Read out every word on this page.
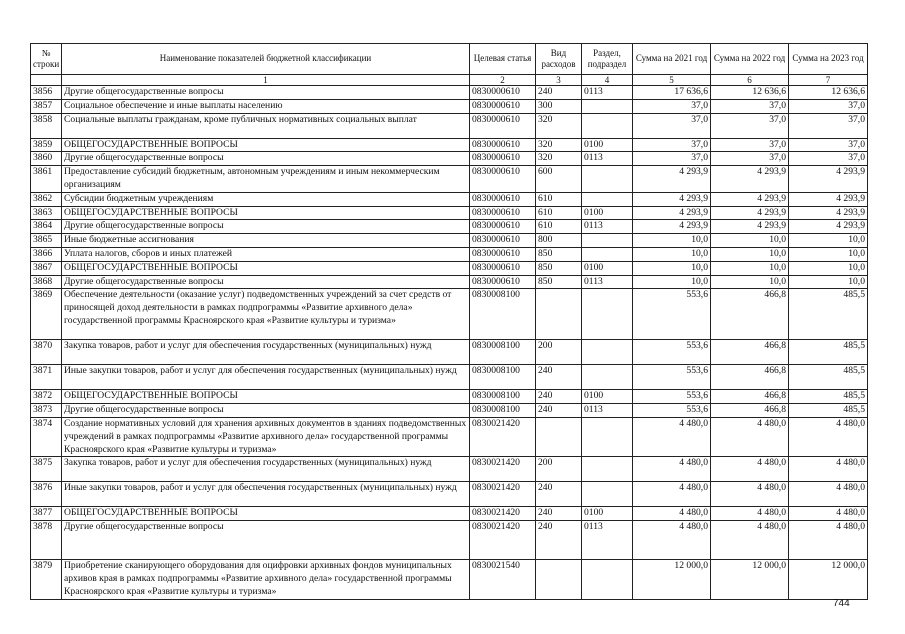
№ строки	Наименование показателей бюджетной классификации	Целевая статья	Вид расходов	Раздел, подраздел	Сумма на 2021 год	Сумма на 2022 год	Сумма на 2023 год
	1	2	3	4	5	6	7
3856	Другие общегосударственные вопросы	0830000610	240	0113	17 636,6	12 636,6	12 636,6
3857	Социальное обеспечение и иные выплаты населению	0830000610	300		37,0	37,0	37,0
3858	Социальные выплаты гражданам, кроме публичных нормативных социальных выплат	0830000610	320		37,0	37,0	37,0
3859	ОБЩЕГОСУДАРСТВЕННЫЕ ВОПРОСЫ	0830000610	320	0100	37,0	37,0	37,0
3860	Другие общегосударственные вопросы	0830000610	320	0113	37,0	37,0	37,0
3861	Предоставление субсидий бюджетным, автономным учреждениям и иным некоммерческим организациям	0830000610	600		4 293,9	4 293,9	4 293,9
3862	Субсидии бюджетным учреждениям	0830000610	610		4 293,9	4 293,9	4 293,9
3863	ОБЩЕГОСУДАРСТВЕННЫЕ ВОПРОСЫ	0830000610	610	0100	4 293,9	4 293,9	4 293,9
3864	Другие общегосударственные вопросы	0830000610	610	0113	4 293,9	4 293,9	4 293,9
3865	Иные бюджетные ассигнования	0830000610	800		10,0	10,0	10,0
3866	Уплата налогов, сборов и иных платежей	0830000610	850		10,0	10,0	10,0
3867	ОБЩЕГОСУДАРСТВЕННЫЕ ВОПРОСЫ	0830000610	850	0100	10,0	10,0	10,0
3868	Другие общегосударственные вопросы	0830000610	850	0113	10,0	10,0	10,0
3869	Обеспечение деятельности (оказание услуг) подведомственных учреждений за счет средств от приносящей доход деятельности в рамках подпрограммы «Развитие архивного дела» государственной программы Красноярского края «Развитие культуры и туризма»	0830008100			553,6	466,8	485,5
3870	Закупка товаров, работ и услуг для обеспечения государственных (муниципальных) нужд	0830008100	200		553,6	466,8	485,5
3871	Иные закупки товаров, работ и услуг для обеспечения государственных (муниципальных) нужд	0830008100	240		553,6	466,8	485,5
3872	ОБЩЕГОСУДАРСТВЕННЫЕ ВОПРОСЫ	0830008100	240	0100	553,6	466,8	485,5
3873	Другие общегосударственные вопросы	0830008100	240	0113	553,6	466,8	485,5
3874	Создание нормативных условий для хранения архивных документов в зданиях подведомственных учреждений в рамках подпрограммы «Развитие архивного дела» государственной программы Красноярского края «Развитие культуры и туризма»	0830021420			4 480,0	4 480,0	4 480,0
3875	Закупка товаров, работ и услуг для обеспечения государственных (муниципальных) нужд	0830021420	200		4 480,0	4 480,0	4 480,0
3876	Иные закупки товаров, работ и услуг для обеспечения государственных (муниципальных) нужд	0830021420	240		4 480,0	4 480,0	4 480,0
3877	ОБЩЕГОСУДАРСТВЕННЫЕ ВОПРОСЫ	0830021420	240	0100	4 480,0	4 480,0	4 480,0
3878	Другие общегосударственные вопросы	0830021420	240	0113	4 480,0	4 480,0	4 480,0
3879	Приобретение сканирующего оборудования для оцифровки архивных фондов муниципальных архивов края в рамках подпрограммы «Развитие архивного дела» государственной программы Красноярского края «Развитие культуры и туризма»	0830021540			12 000,0	12 000,0	12 000,0
744
